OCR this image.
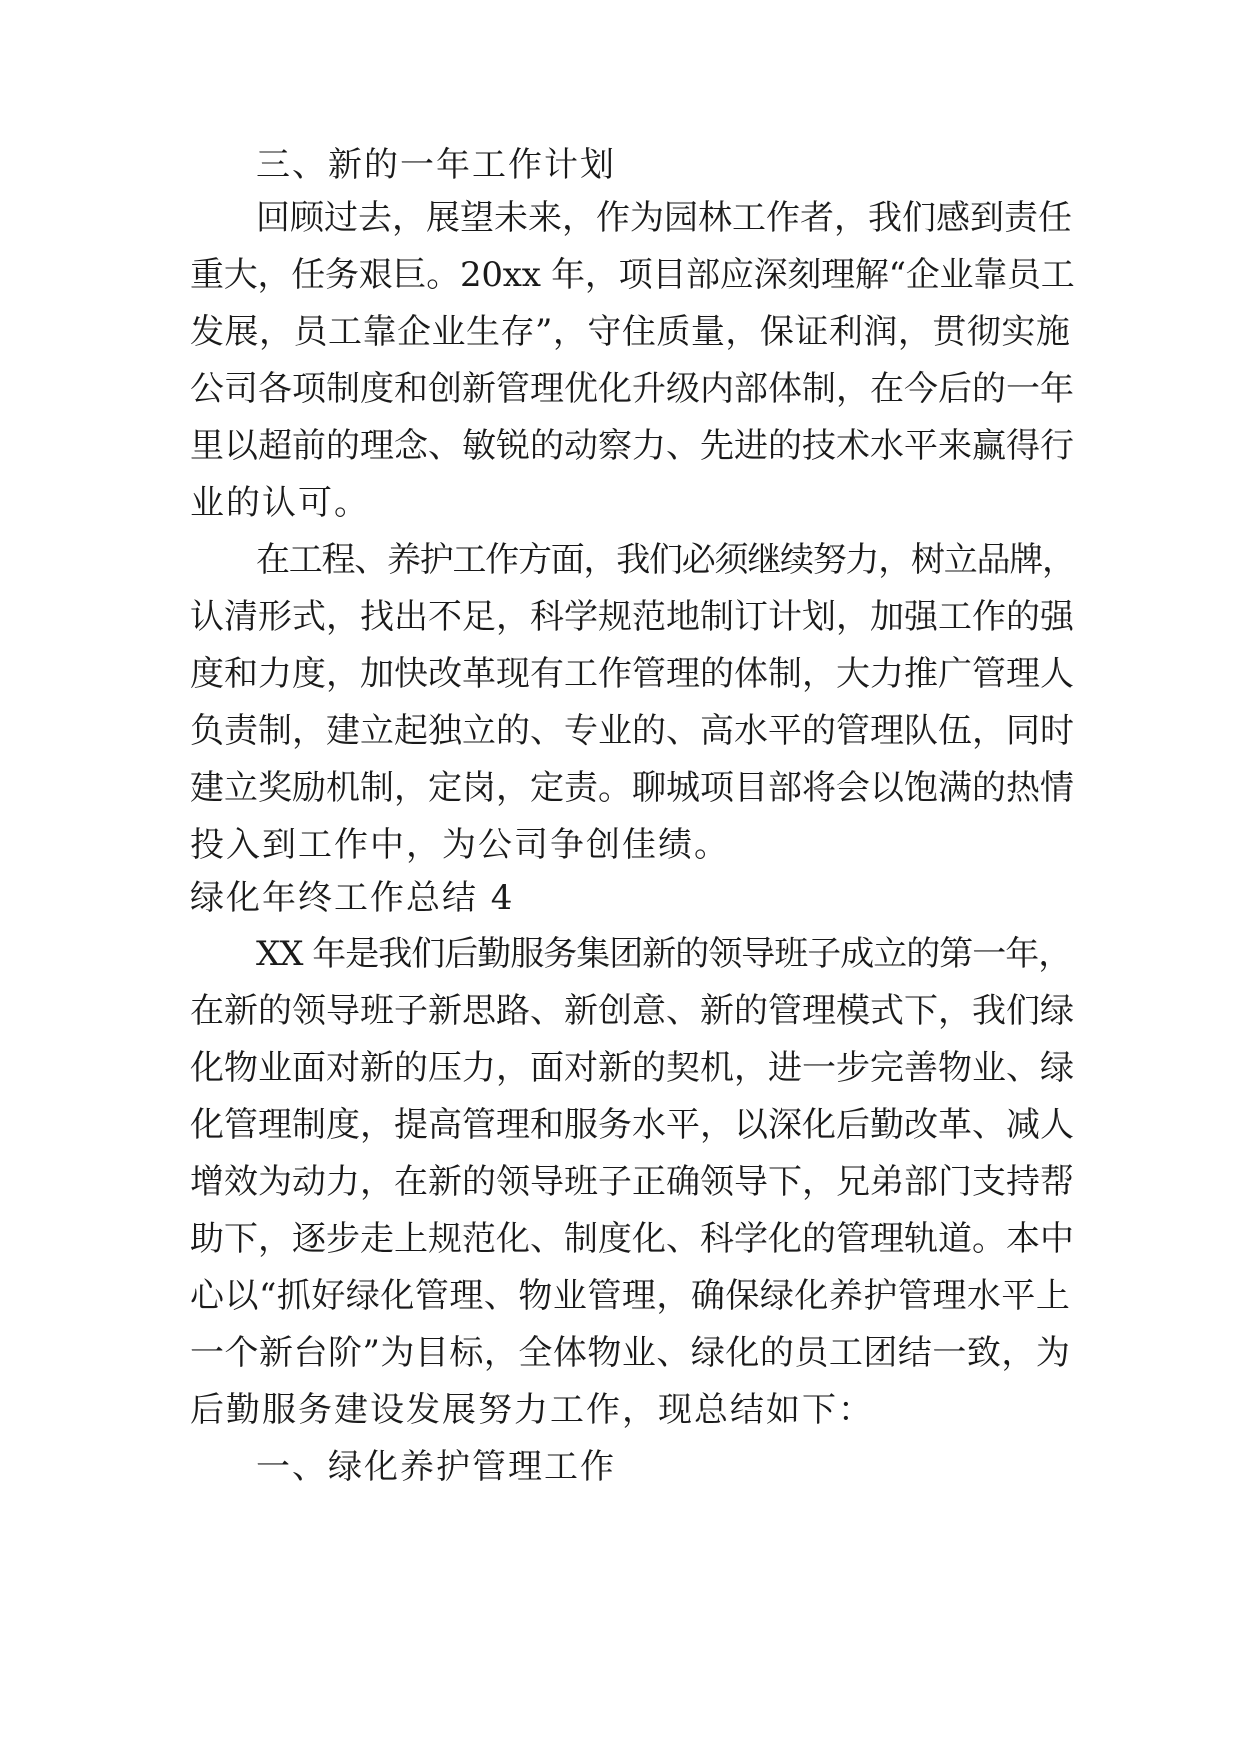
三、新的一年工作计划

回顾过去，展望未来，作为园林工作者，我们感到责任

重大，任务艰巨。20xx 年，项目部应深刻理解“企业靠员工

发展，员工靠企业生存”，守住质量，保证利润，贯彻实施

公司各项制度和创新管理优化升级内部体制，在今后的一年

里以超前的理念、敏锐的动察力、先进的技术水平来赢得行

业的认可。

在工程、养护工作方面，我们必须继续努力，树立品牌，

认清形式，找出不足，科学规范地制订计划，加强工作的强

度和力度，加快改革现有工作管理的体制，大力推广管理人

负责制，建立起独立的、专业的、高水平的管理队伍，同时

建立奖励机制，定岗，定责。聊城项目部将会以饱满的热情

投入到工作中，为公司争创佳绩。

绿化年终工作总结 4

XX 年是我们后勤服务集团新的领导班子成立的第一年，

在新的领导班子新思路、新创意、新的管理模式下，我们绿

化物业面对新的压力，面对新的契机，进一步完善物业、绿

化管理制度，提高管理和服务水平，以深化后勤改革、减人

增效为动力，在新的领导班子正确领导下，兄弟部门支持帮

助下，逐步走上规范化、制度化、科学化的管理轨道。本中

心以“抓好绿化管理、物业管理，确保绿化养护管理水平上

一个新台阶”为目标，全体物业、绿化的员工团结一致，为

后勤服务建设发展努力工作，现总结如下：

一、绿化养护管理工作
